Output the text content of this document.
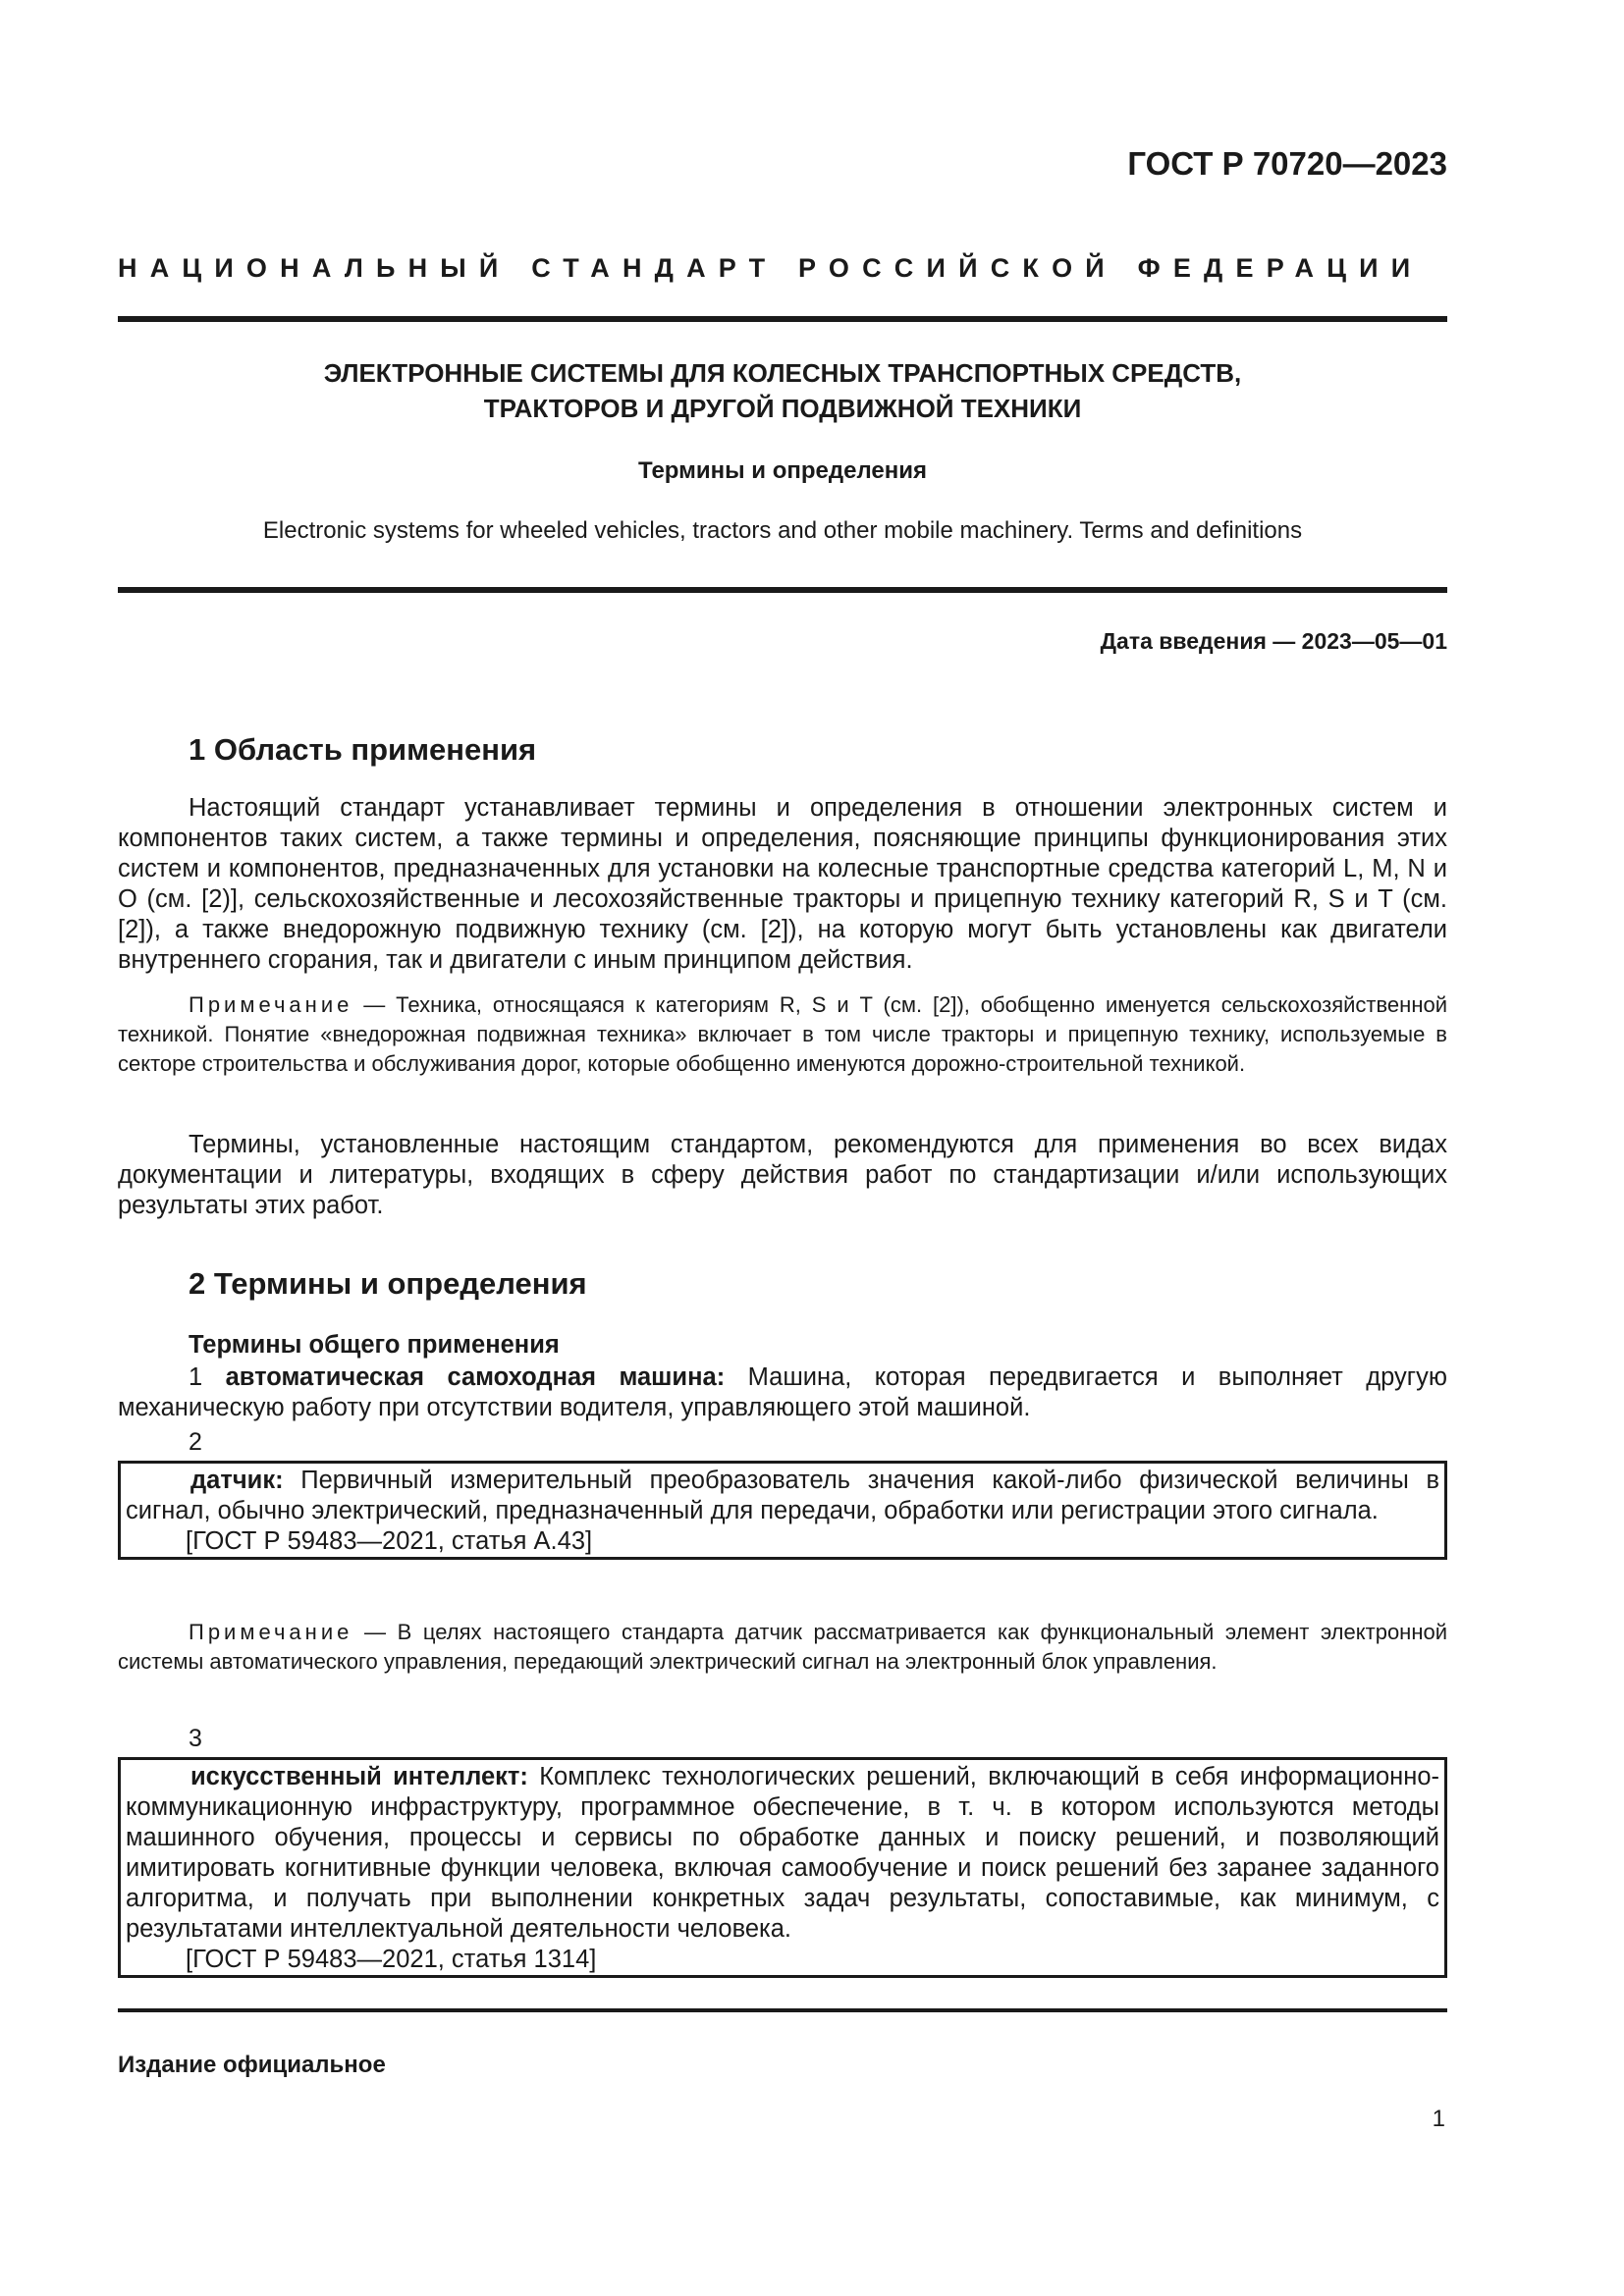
ГОСТ Р 70720—2023
НАЦИОНАЛЬНЫЙ СТАНДАРТ РОССИЙСКОЙ ФЕДЕРАЦИИ
ЭЛЕКТРОННЫЕ СИСТЕМЫ ДЛЯ КОЛЕСНЫХ ТРАНСПОРТНЫХ СРЕДСТВ,
ТРАКТОРОВ И ДРУГОЙ ПОДВИЖНОЙ ТЕХНИКИ
Термины и определения
Electronic systems for wheeled vehicles, tractors and other mobile machinery. Terms and definitions
Дата введения — 2023—05—01
1 Область применения
Настоящий стандарт устанавливает термины и определения в отношении электронных систем и компонентов таких систем, а также термины и определения, поясняющие принципы функционирования этих систем и компонентов, предназначенных для установки на колесные транспортные средства категорий L, M, N и O (см. [2)], сельскохозяйственные и лесохозяйственные тракторы и прицепную технику категорий R, S и T (см. [2]), а также внедорожную подвижную технику (см. [2]), на которую могут быть установлены как двигатели внутреннего сгорания, так и двигатели с иным принципом действия.
Примечание — Техника, относящаяся к категориям R, S и T (см. [2]), обобщенно именуется сельскохозяйственной техникой. Понятие «внедорожная подвижная техника» включает в том числе тракторы и прицепную технику, используемые в секторе строительства и обслуживания дорог, которые обобщенно именуются дорожно-строительной техникой.
Термины, установленные настоящим стандартом, рекомендуются для применения во всех видах документации и литературы, входящих в сферу действия работ по стандартизации и/или использующих результаты этих работ.
2 Термины и определения
Термины общего применения
1 автоматическая самоходная машина: Машина, которая передвигается и выполняет другую механическую работу при отсутствии водителя, управляющего этой машиной.
2
датчик: Первичный измерительный преобразователь значения какой-либо физической величины в сигнал, обычно электрический, предназначенный для передачи, обработки или регистрации этого сигнала.
[ГОСТ Р 59483—2021, статья А.43]
Примечание — В целях настоящего стандарта датчик рассматривается как функциональный элемент электронной системы автоматического управления, передающий электрический сигнал на электронный блок управления.
3
искусственный интеллект: Комплекс технологических решений, включающий в себя информационно-коммуникационную инфраструктуру, программное обеспечение, в т. ч. в котором используются методы машинного обучения, процессы и сервисы по обработке данных и поиску решений, и позволяющий имитировать когнитивные функции человека, включая самообучение и поиск решений без заранее заданного алгоритма, и получать при выполнении конкретных задач результаты, сопоставимые, как минимум, с результатами интеллектуальной деятельности человека.
[ГОСТ Р 59483—2021, статья 1314]
Издание официальное
1
